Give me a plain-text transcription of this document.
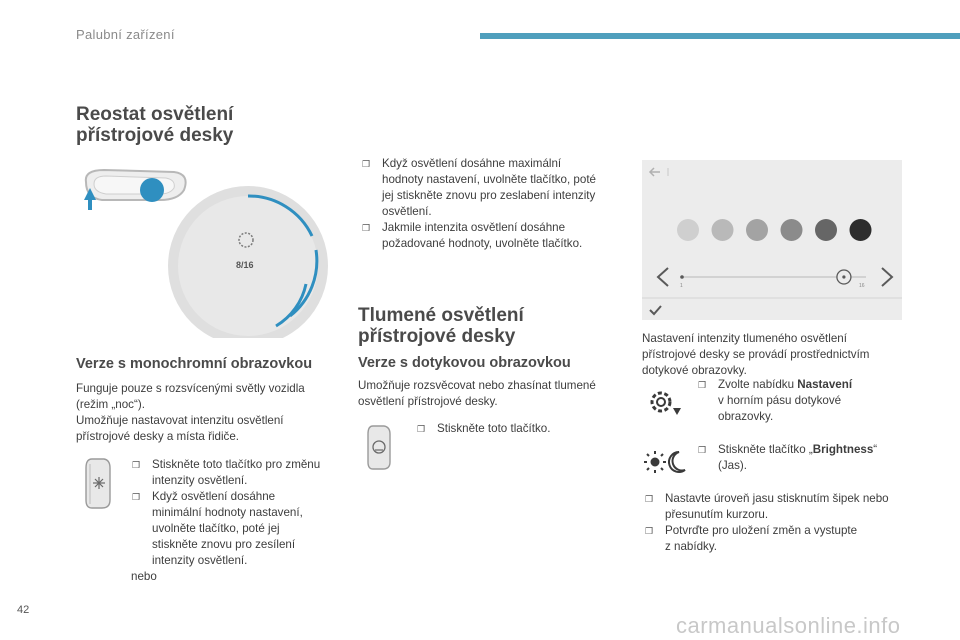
Palubní zařízení
Reostat osvětlení
přístrojové desky
8/16
Verze s monochromní obrazovkou
Funguje pouze s rozsvícenými světly vozidla
(režim „noc“).
Umožňuje nastavovat intenzitu osvětlení
přístrojové desky a místa řidiče.
❒ Stiskněte toto tlačítko pro změnu
intenzity osvětlení.
❒ Když osvětlení dosáhne
minimální hodnoty nastavení,
uvolněte tlačítko, poté jej
stiskněte znovu pro zesílení
intenzity osvětlení.
nebo
❒ Když osvětlení dosáhne maximální
hodnoty nastavení, uvolněte tlačítko, poté
jej stiskněte znovu pro zeslabení intenzity
osvětlení.
❒ Jakmile intenzita osvětlení dosáhne
požadované hodnoty, uvolněte tlačítko.
Tlumené osvětlení
přístrojové desky
Verze s dotykovou obrazovkou
Umožňuje rozsvěcovat nebo zhasínat tlumené
osvětlení přístrojové desky.
❒ Stiskněte toto tlačítko.
1	16
Nastavení intenzity tlumeného osvětlení
přístrojové desky se provádí prostřednictvím
dotykové obrazovky.
❒ Zvolte nabídku Nastavení
v horním pásu dotykové
obrazovky.
❒ Stiskněte tlačítko „Brightness“
(Jas).
❒ Nastavte úroveň jasu stisknutím šipek nebo
přesunutím kurzoru.
❒ Potvrďte pro uložení změn a vystupte
z nabídky.
42
carmanualsonline.info
